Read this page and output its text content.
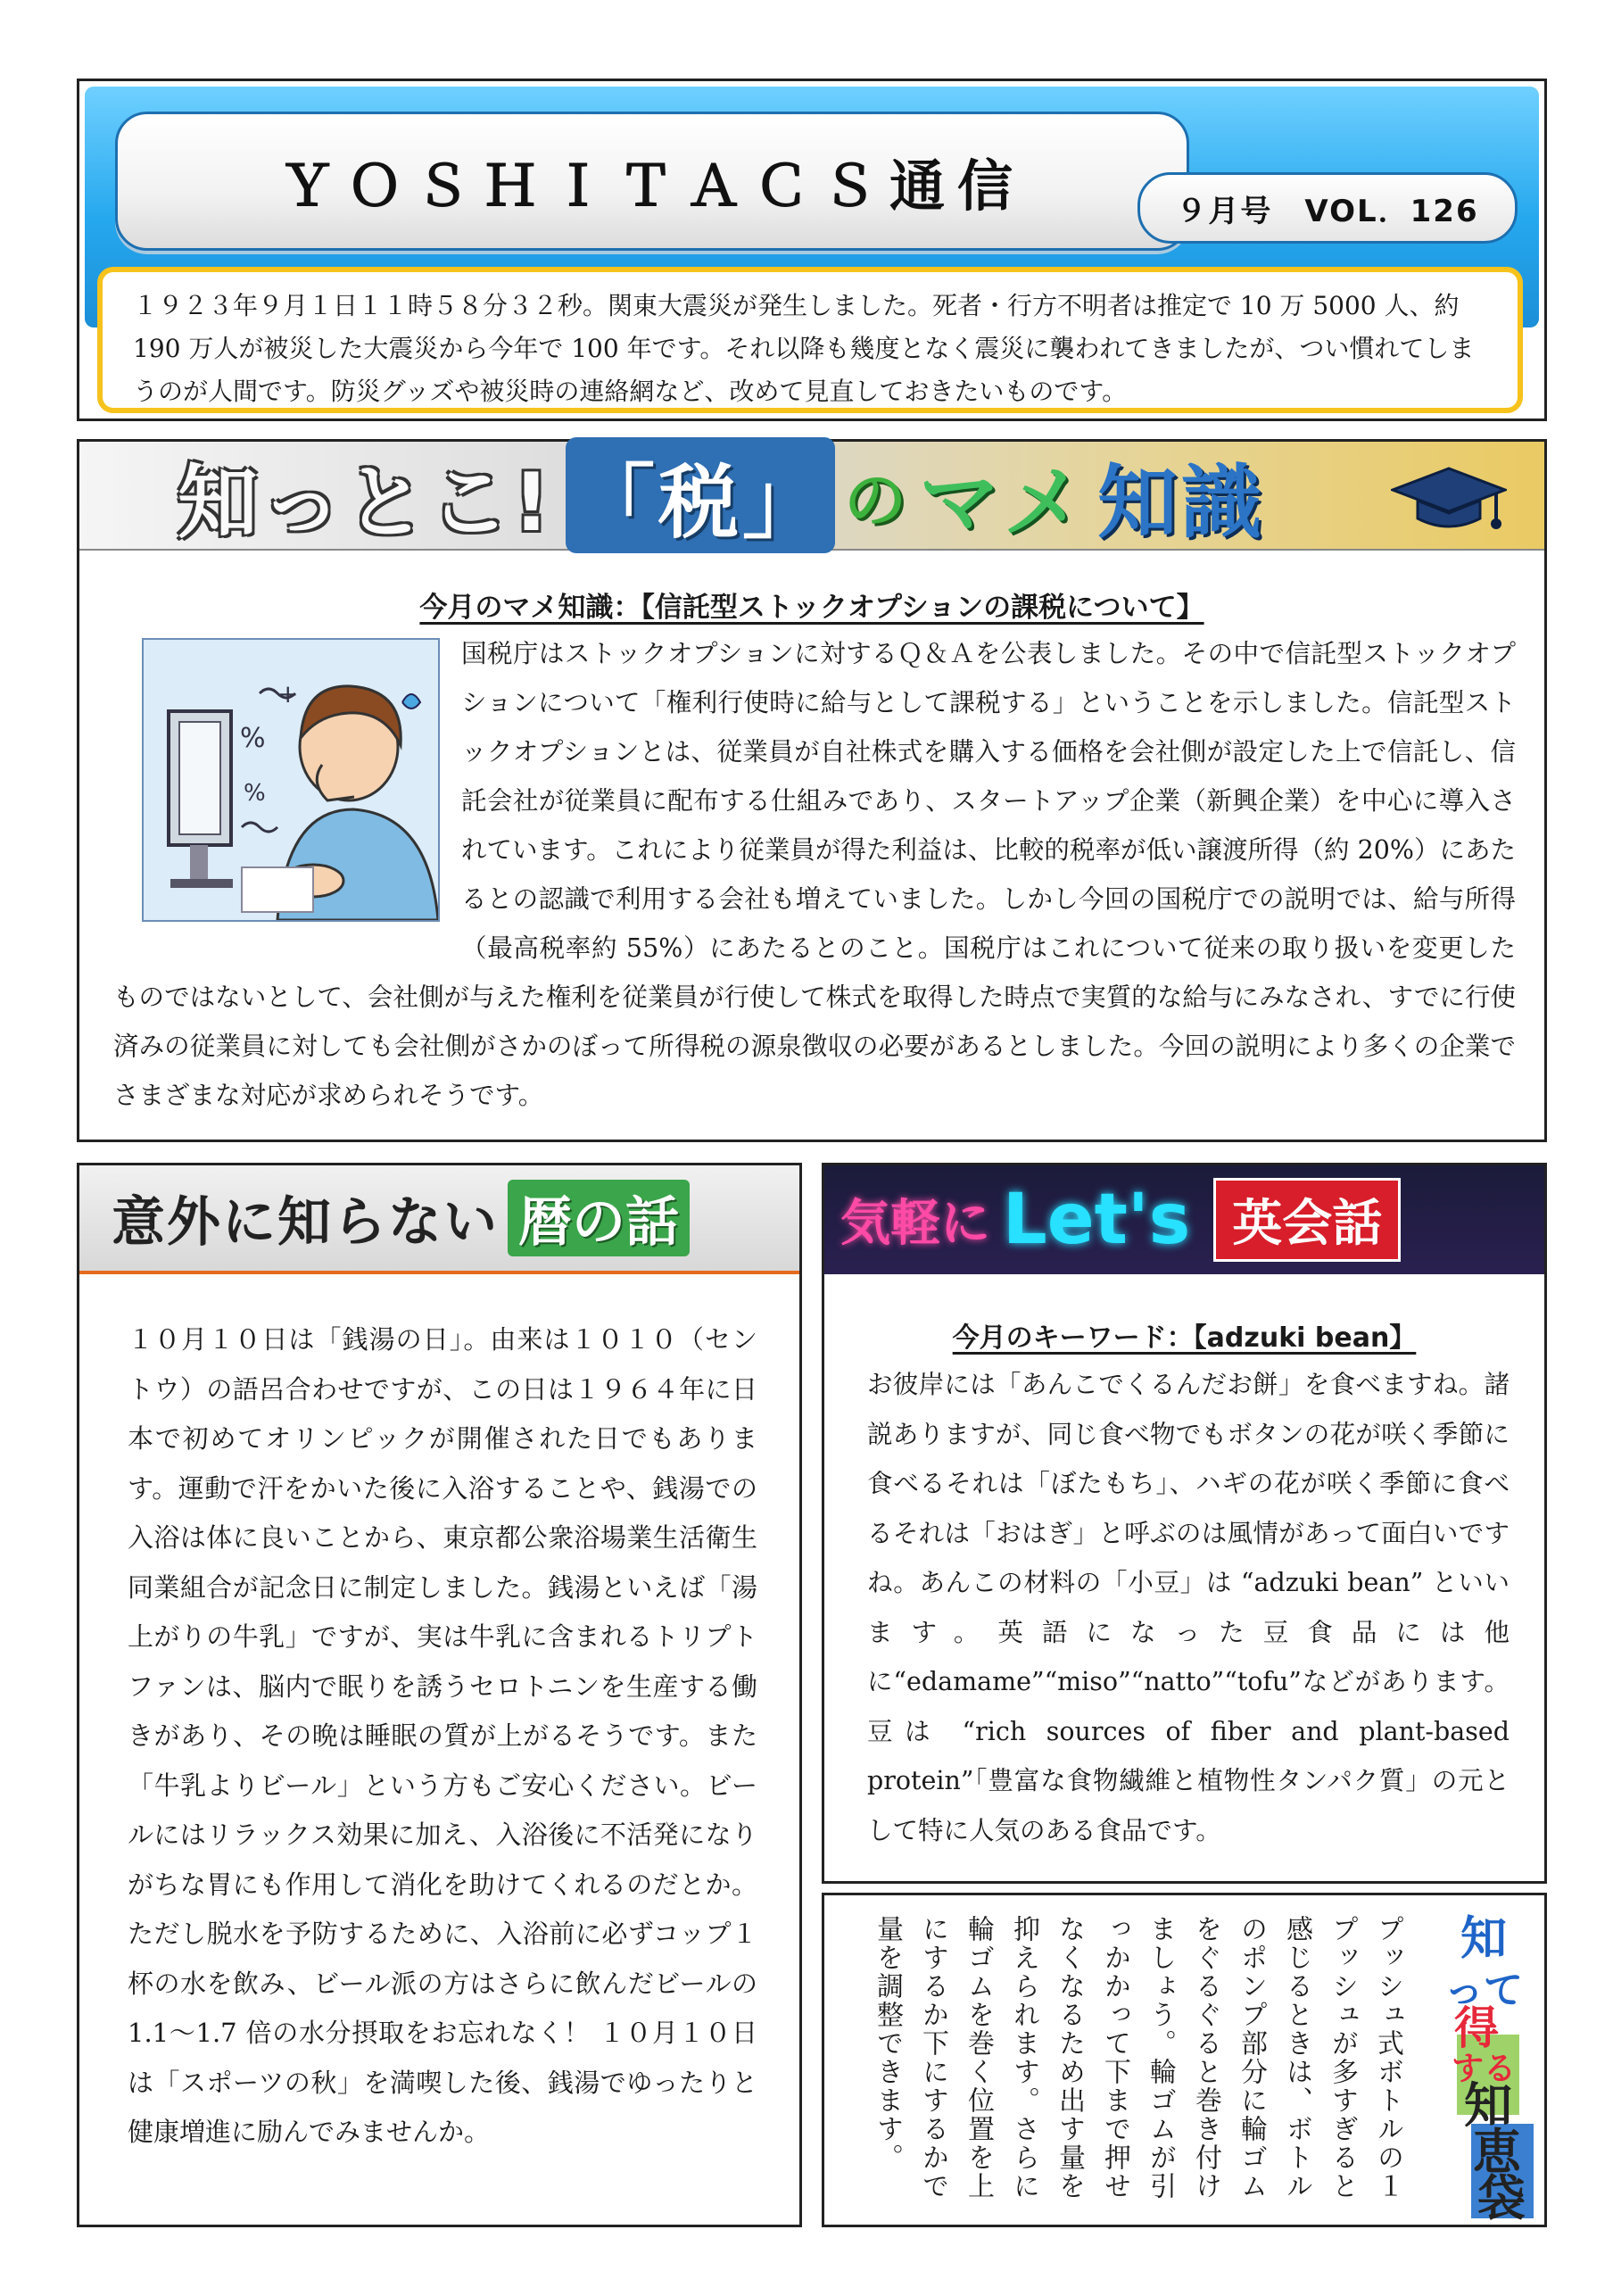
ＹＯＳＨＩＴＡＣＳ通信	９月号　VOL．126
１９２３年９月１日１１時５８分３２秒。関東大震災が発生しました。死者・行方不明者は推定で 10 万 5000 人、約 190 万人が被災した大震災から今年で 100 年です。それ以降も幾度となく震災に襲われてきましたが、つい慣れてしまうのが人間です。防災グッズや被災時の連絡網など、改めて見直しておきたいものです。
知っとこ! 「税」 の マメ 知識
今月のマメ知識：【信託型ストックオプションの課税について】
%
%
+
国税庁はストックオプションに対するＱ＆Ａを公表しました。その中で信託型ストックオプションについて「権利行使時に給与として課税する」ということを示しました。信託型ストックオプションとは、従業員が自社株式を購入する価格を会社側が設定した上で信託し、信託会社が従業員に配布する仕組みであり、スタートアップ企業（新興企業）を中心に導入されています。これにより従業員が得た利益は、比較的税率が低い譲渡所得（約 20%）にあたるとの認識で利用する会社も増えていました。しかし今回の国税庁での説明では、給与所得（最高税率約 55%）にあたるとのこと。国税庁はこれについて従来の取り扱いを変更したものではないとして、会社側が与えた権利を従業員が行使して株式を取得した時点で実質的な給与にみなされ、すでに行使済みの従業員に対しても会社側がさかのぼって所得税の源泉徴収の必要があるとしました。今回の説明により多くの企業でさまざまな対応が求められそうです。
意外に知らない 暦の話
１０月１０日は「銭湯の日」。由来は１０１０（セントウ）の語呂合わせですが、この日は１９６４年に日本で初めてオリンピックが開催された日でもあります。運動で汗をかいた後に入浴することや、銭湯での入浴は体に良いことから、東京都公衆浴場業生活衛生同業組合が記念日に制定しました。銭湯といえば「湯上がりの牛乳」ですが、実は牛乳に含まれるトリプトファンは、脳内で眠りを誘うセロトニンを生産する働きがあり、その晩は睡眠の質が上がるそうです。また「牛乳よりビール」という方もご安心ください。ビールにはリラックス効果に加え、入浴後に不活発になりがちな胃にも作用して消化を助けてくれるのだとか。ただし脱水を予防するために、入浴前に必ずコップ１杯の水を飲み、ビール派の方はさらに飲んだビールの 1.1～1.7 倍の水分摂取をお忘れなく！ １０月１０日は「スポーツの秋」を満喫した後、銭湯でゆったりと健康増進に励んでみませんか。
気軽に Let's 英会話
今月のキーワード：【adzuki bean】
お彼岸には「あんこでくるんだお餅」を食べますね。諸説ありますが、同じ食べ物でもボタンの花が咲く季節に食べるそれは「ぼたもち」、ハギの花が咲く季節に食べるそれは「おはぎ」と呼ぶのは風情があって面白いですね。あんこの材料の「小豆」は “adzuki bean” といいます。英語になった豆食品には他に“edamame”“miso”“natto”“tofu”などがあります。豆は “rich sources of fiber and plant-based protein”「豊富な食物繊維と植物性タンパク質」の元として特に人気のある食品です。
プッシュ式ボトルの１プッシュが多すぎると感じるときは、ボトルのポンプ部分に輪ゴムをぐるぐると巻き付けましょう。輪ゴムが引っかかって下まで押せなくなるため出す量を抑えられます。さらに輪ゴムを巻く位置を上にするか下にするかで量を調整できます。	知
って
得
する
知
恵
袋
